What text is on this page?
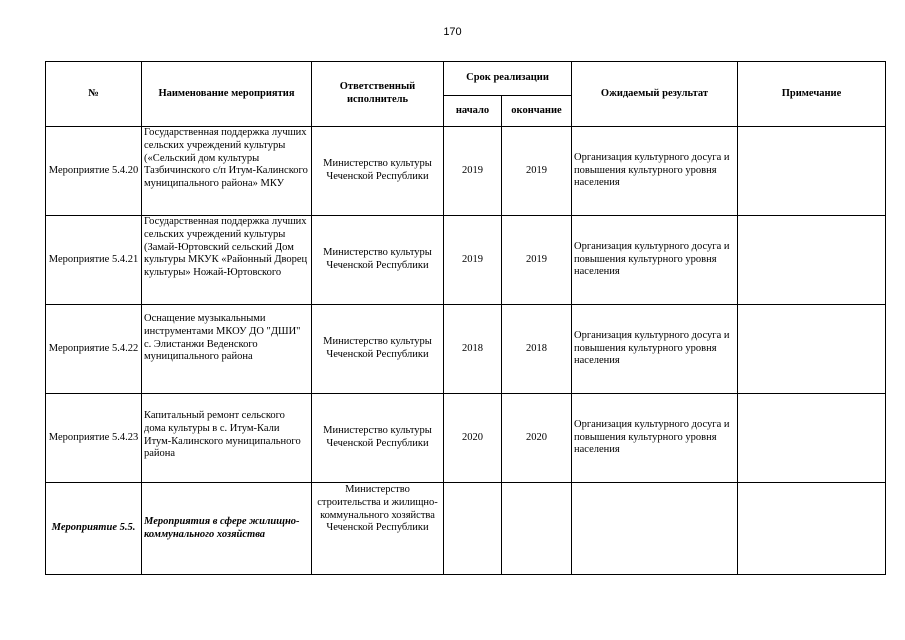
170
№	Наименование мероприятия	Ответственный исполнитель	Срок реализации		Ожидаемый результат	Примечание
			начало	окончание		
Мероприятие 5.4.20	Государственная поддержка лучших сельских учреждений культуры («Сельский дом культуры Тазбичинского с/п Итум-Калинского муниципального района» МКУ	Министерство культуры Чеченской Республики	2019	2019	Организация культурного досуга и повышения культурного уровня населения	
Мероприятие 5.4.21	Государственная поддержка лучших сельских учреждений культуры (Замай-Юртовский сельский Дом культуры МКУК «Районный Дворец культуры» Ножай-Юртовского	Министерство культуры Чеченской Республики	2019	2019	Организация культурного досуга и повышения культурного уровня населения	
Мероприятие 5.4.22	Оснащение музыкальными инструментами МКОУ ДО "ДШИ" с. Элистанжи Веденского муниципального района	Министерство культуры Чеченской Республики	2018	2018	Организация культурного досуга и повышения культурного уровня населения	
Мероприятие 5.4.23	Капитальный ремонт сельского дома культуры в с. Итум-Кали Итум-Калинского муниципального района	Министерство культуры Чеченской Республики	2020	2020	Организация культурного досуга и повышения культурного уровня населения	
Мероприятие 5.5.	Мероприятия в сфере жилищно-коммунального хозяйства	Министерство строительства и жилищно-коммунального хозяйства Чеченской Республики				
